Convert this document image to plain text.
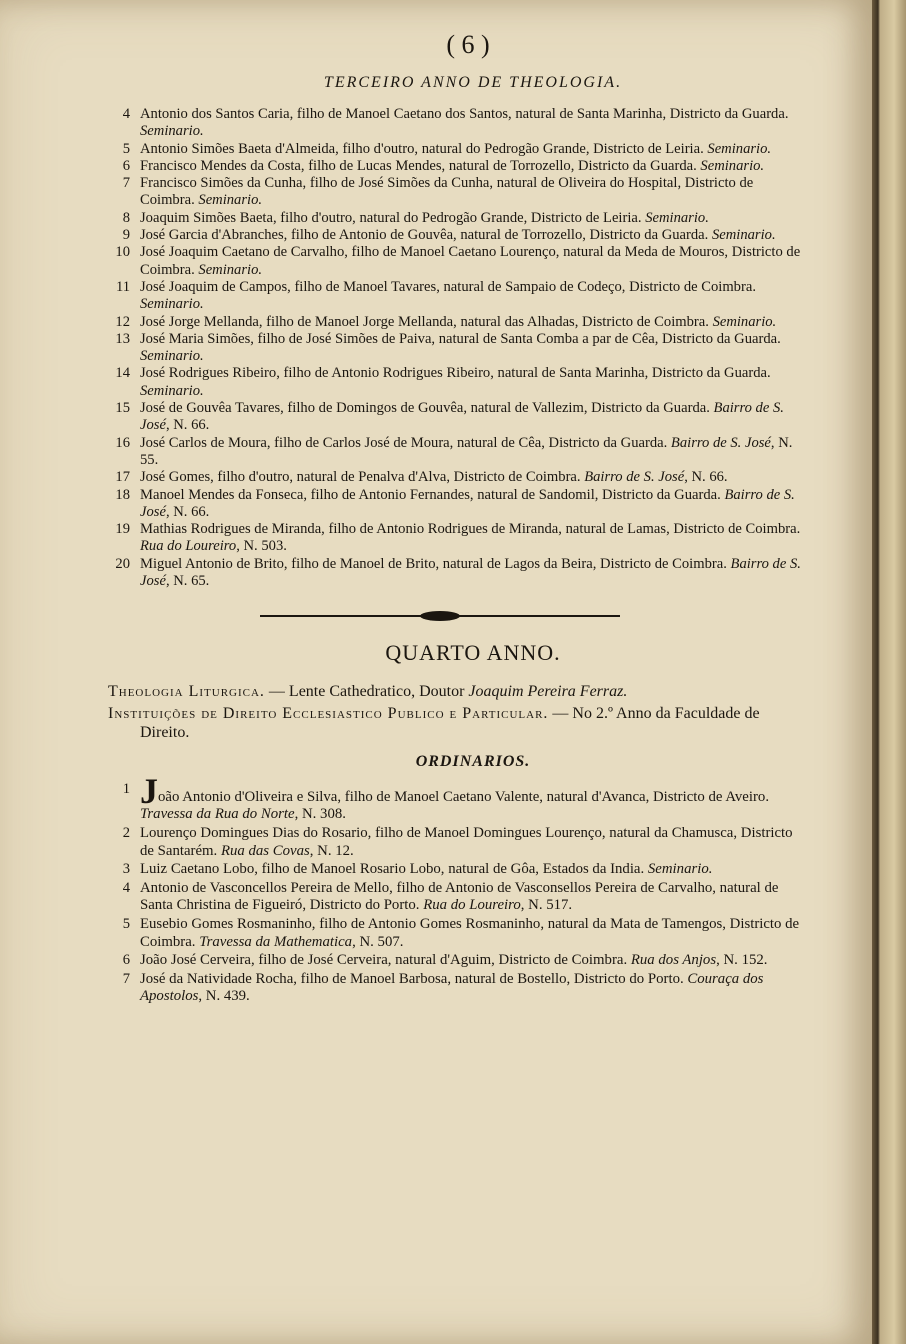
( 6 )
TERCEIRO ANNO DE THEOLOGIA.
4 Antonio dos Santos Caria, filho de Manoel Caetano dos Santos, natural de Santa Marinha, Districto da Guarda. Seminario.
5 Antonio Simões Baeta d'Almeida, filho d'outro, natural do Pedrogão Grande, Districto de Leiria. Seminario.
6 Francisco Mendes da Costa, filho de Lucas Mendes, natural de Torrozello, Districto da Guarda. Seminario.
7 Francisco Simões da Cunha, filho de José Simões da Cunha, natural de Oliveira do Hospital, Districto de Coimbra. Seminario.
8 Joaquim Simões Baeta, filho d'outro, natural do Pedrogão Grande, Districto de Leiria. Seminario.
9 José Garcia d'Abranches, filho de Antonio de Gouvêa, natural de Torrozello, Districto da Guarda. Seminario.
10 José Joaquim Caetano de Carvalho, filho de Manoel Caetano Lourenço, natural da Meda de Mouros, Districto de Coimbra. Seminario.
11 José Joaquim de Campos, filho de Manoel Tavares, natural de Sampaio de Codeço, Districto de Coimbra. Seminario.
12 José Jorge Mellanda, filho de Manoel Jorge Mellanda, natural das Alhadas, Districto de Coimbra. Seminario.
13 José Maria Simões, filho de José Simões de Paiva, natural de Santa Comba a par de Cêa, Districto da Guarda. Seminario.
14 José Rodrigues Ribeiro, filho de Antonio Rodrigues Ribeiro, natural de Santa Marinha, Districto da Guarda. Seminario.
15 José de Gouvêa Tavares, filho de Domingos de Gouvêa, natural de Vallezim, Districto da Guarda. Bairro de S. José, N. 66.
16 José Carlos de Moura, filho de Carlos José de Moura, natural de Cêa, Districto da Guarda. Bairro de S. José, N. 55.
17 José Gomes, filho d'outro, natural de Penalva d'Alva, Districto de Coimbra. Bairro de S. José, N. 66.
18 Manoel Mendes da Fonseca, filho de Antonio Fernandes, natural de Sandomil, Districto da Guarda. Bairro de S. José, N. 66.
19 Mathias Rodrigues de Miranda, filho de Antonio Rodrigues de Miranda, natural de Lamas, Districto de Coimbra. Rua do Loureiro, N. 503.
20 Miguel Antonio de Brito, filho de Manoel de Brito, natural de Lagos da Beira, Districto de Coimbra. Bairro de S. José, N. 65.
QUARTO ANNO.

Theologia Liturgica. — Lente Cathedratico, Doutor Joaquim Pereira Ferraz.

Instituições de Direito Ecclesiastico Publico e Particular. — No 2.º Anno da Faculdade de Direito.

ORDINARIOS.
1 João Antonio d'Oliveira e Silva, filho de Manoel Caetano Valente, natural d'Avanca, Districto de Aveiro. Travessa da Rua do Norte, N. 308.
2 Lourenço Domingues Dias do Rosario, filho de Manoel Domingues Lourenço, natural da Chamusca, Districto de Santarém. Rua das Covas, N. 12.
3 Luiz Caetano Lobo, filho de Manoel Rosario Lobo, natural de Gôa, Estados da India. Seminario.
4 Antonio de Vasconcellos Pereira de Mello, filho de Antonio de Vasconsellos Pereira de Carvalho, natural de Santa Christina de Figueiró, Districto do Porto. Rua do Loureiro, N. 517.
5 Eusebio Gomes Rosmaninho, filho de Antonio Gomes Rosmaninho, natural da Mata de Tamengos, Districto de Coimbra. Travessa da Mathematica, N. 507.
6 João José Cerveira, filho de José Cerveira, natural d'Aguim, Districto de Coimbra. Rua dos Anjos, N. 152.
7 José da Natividade Rocha, filho de Manoel Barbosa, natural de Bostello, Districto do Porto. Couraça dos Apostolos, N. 439.
